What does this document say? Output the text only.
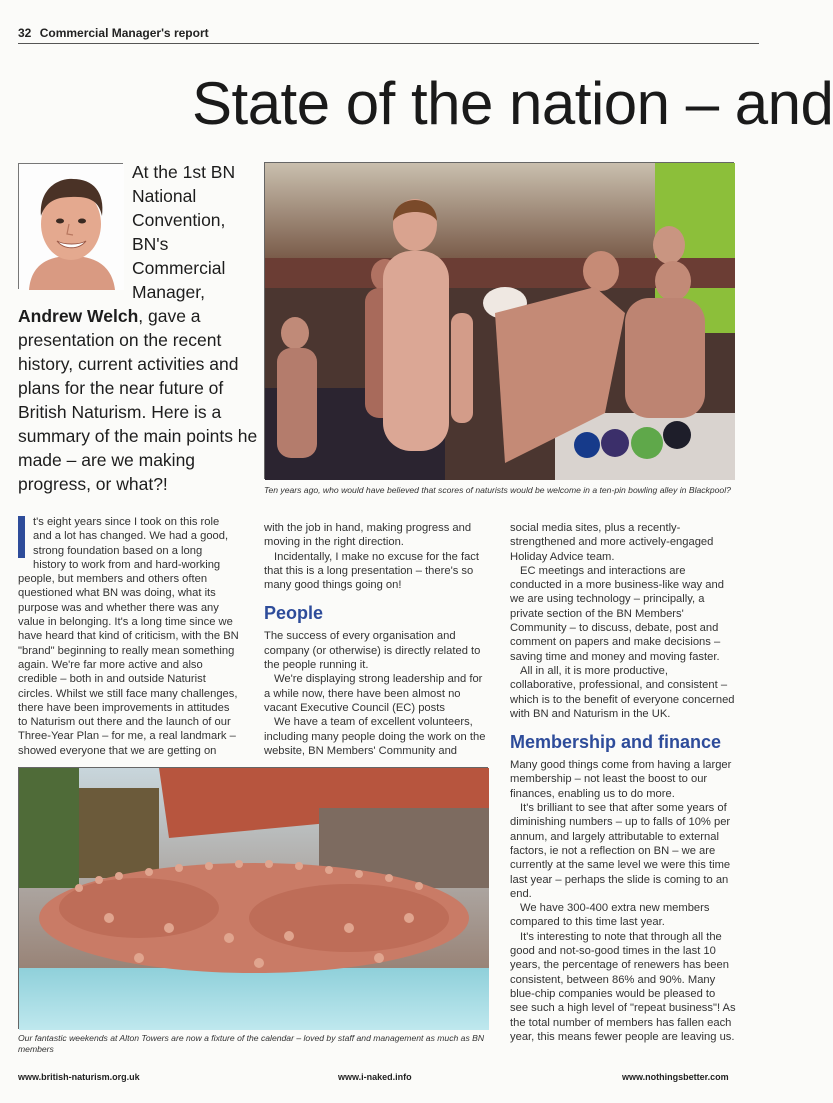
32 Commercial Manager's report
State of the nation – and
At the 1st BN
National
Convention,
BN's
Commercial
Manager,
Andrew Welch, gave a presentation on the recent history, current activities and plans for the near future of British Naturism. Here is a summary of the main points he made – are we making progress, or what?!	Ten years ago, who would have believed that scores of naturists would be welcome in a ten-pin bowling alley in Blackpool?
t's eight years since I took on this role
and a lot has changed. We had a good,
strong foundation based on a long
history to work from and hard-working
people, but members and others often questioned what BN was doing, what its purpose was and whether there was any value in belonging. It's a long time since we have heard that kind of criticism, with the BN "brand" beginning to really mean something again. We're far more active and also credible – both in and outside Naturist circles. Whilst we still face many challenges, there have been improvements in attitudes to Naturism out there and the launch of our Three-Year Plan – for me, a real landmark – showed everyone that we are getting on

with the job in hand, making progress and moving in the right direction.

Incidentally, I make no excuse for the fact that this is a long presentation – there's so many good things going on!

People

The success of every organisation and company (or otherwise) is directly related to the people running it.

We're displaying strong leadership and for a while now, there have been almost no vacant Executive Council (EC) posts

We have a team of excellent volunteers, including many people doing the work on the website, BN Members' Community and

social media sites, plus a recently-strengthened and more actively-engaged Holiday Advice team.

EC meetings and interactions are conducted in a more business-like way and we are using technology – principally, a private section of the BN Members' Community – to discuss, debate, post and comment on papers and make decisions – saving time and money and moving faster.

All in all, it is more productive, collaborative, professional, and consistent – which is to the benefit of everyone concerned with BN and Naturism in the UK.

Membership and finance

Many good things come from having a larger membership – not least the boost to our finances, enabling us to do more.

It's brilliant to see that after some years of diminishing numbers – up to falls of 10% per annum, and largely attributable to external factors, ie not a reflection on BN – we are currently at the same level we were this time last year – perhaps the slide is coming to an end.

We have 300-400 extra new members compared to this time last year.

It's interesting to note that through all the good and not-so-good times in the last 10 years, the percentage of renewers has been consistent, between 86% and 90%. Many blue-chip companies would be pleased to see such a high level of "repeat business"! As the total number of members has fallen each year, this means fewer people are leaving us.

Our fantastic weekends at Alton Towers are now a fixture of the calendar – loved by staff and management as much as BN members
www.british-naturism.org.uk	www.i-naked.info	www.nothingsbetter.com
